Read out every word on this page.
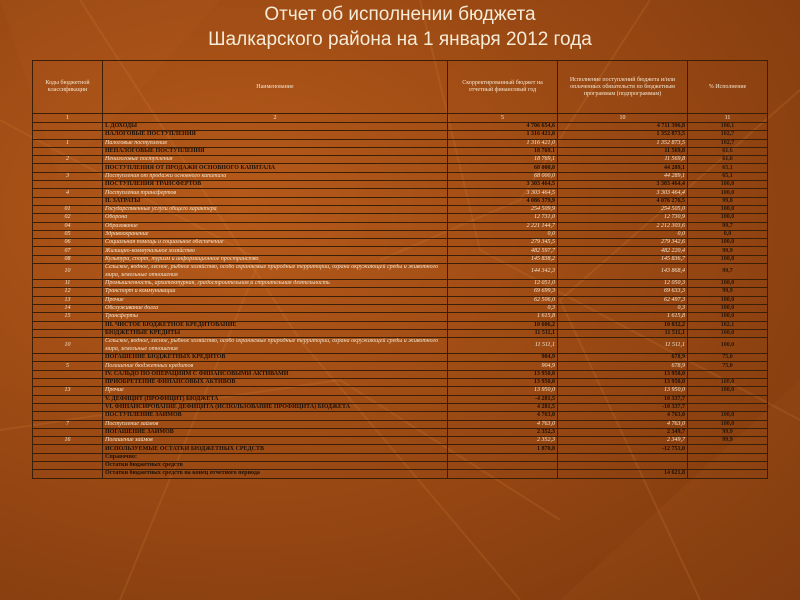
Отчет об исполнении бюджета
Шалкарского района на 1 января 2012 года
Коды бюджетной классификации	Наименование	Скорректированный бюджет на отчетный финансовый год	Исполнение поступлений бюджета и/или оплаченных обязательств по бюджетным программам (подпрограммам)	% Исполнение
1	2	5	10	11
	I. ДОХОДЫ	4 706 654,6	4 711 396,8	100,1
	НАЛОГОВЫЕ ПОСТУПЛЕНИЯ	1 316 421,0	1 352 873,5	102,7
1	Налоговые поступления	1 316 421,0	1 352 873,5	102,7
	НЕНАЛОГОВЫЕ ПОСТУПЛЕНИЯ	18 769,1	11 569,8	61,6
2	Неналоговые поступления	18 769,1	11 569,8	61,6
	ПОСТУПЛЕНИЯ ОТ ПРОДАЖИ ОСНОВНОГО КАПИТАЛА	68 000,0	44 289,1	65,1
3	Поступления от продажи основного капитала	68 000,0	44 289,1	65,1
	ПОСТУПЛЕНИЯ ТРАНСФЕРТОВ	3 303 464,5	3 303 464,4	100,0
4	Поступления трансфертов	3 303 464,5	3 303 464,4	100,0
	II. ЗАТРАТЫ	4 086 379,9	4 076 276,5	99,8
01	Государственные услуги общего характера	254 509,9	254 505,0	100,0
02	Оборона	12 731,0	12 730,9	100,0
04	Образование	2 221 144,7	2 212 303,6	99,7
05	Здравоохранение	0,0	0,0	0,0
06	Социальная помощь и социальное обеспечение	279 345,5	279 342,6	100,0
07	Жилищно-коммунальное хозяйство	482 597,7	482 220,4	99,9
08	Культура, спорт, туризм и информационное пространство	145 838,2	145 836,7	100,0
10	Сельское, водное, лесное, рыбное хозяйство, особо охраняемые природные территории, охрана окружающей среды и животного мира, земельные отношения	144 342,3	143 868,4	99,7
11	Промышленность, архитектурная, градостроительная и строительная деятельность	12 051,0	12 050,3	100,0
12	Транспорт и коммуникации	69 699,3	69 633,3	99,9
13	Прочие	62 506,0	62 497,3	100,0
14	Обслуживание долга	0,3	0,3	100,0
15	Трансферты	1 615,8	1 615,8	100,0
	III. ЧИСТОЕ БЮДЖЕТНОЕ КРЕДИТОВАНИЕ	10 606,2	10 832,2	102,1
	БЮДЖЕТНЫЕ КРЕДИТЫ	11 511,1	11 511,1	100,0
10	Сельское, водное, лесное, рыбное хозяйство, особо охраняемые природные территории, охрана окружающей среды и животного мира, земельные отношения	11 511,1	11 511,1	100,0
	ПОГАШЕНИЕ БЮДЖЕТНЫХ КРЕДИТОВ	904,9	678,9	75,0
5	Погашение бюджетных кредитов	904,9	678,9	75,0
	IV. САЛЬДО ПО ОПЕРАЦИЯМ С ФИНАНСОВЫМИ АКТИВАМИ	13 950,0	13 958,0	
	ПРИОБРЕТЕНИЕ ФИНАНСОВЫХ АКТИВОВ	13 950,0	13 950,0	100,0
13	Прочие	13 950,0	13 950,0	100,0
	V. ДЕФИЦИТ (ПРОФИЦИТ) БЮДЖЕТА	-4 281,5	10 337,7	
	VI. ФИНАНСИРОВАНИЕ ДЕФИЦИТА (ИСПОЛЬЗОВАНИЕ ПРОФИЦИТА) БЮДЖЕТА	4 281,5	-10 337,7	
	ПОСТУПЛЕНИЕ ЗАЙМОВ	4 763,0	4 763,0	100,0
7	Поступление займов	4 763,0	4 763,0	100,0
	ПОГАШЕНИЕ ЗАЙМОВ	2 352,3	2 349,7	99,9
16	Погашение займов	2 352,3	2 349,7	99,9
	ИСПОЛЬЗУЕМЫЕ ОСТАТКИ БЮДЖЕТНЫХ СРЕДСТВ	1 870,8	-12 751,0	
	Справочно:			
	Остатки бюджетных средств			
	Остатки бюджетных средств на конец отчетного периода		14 621,8	
